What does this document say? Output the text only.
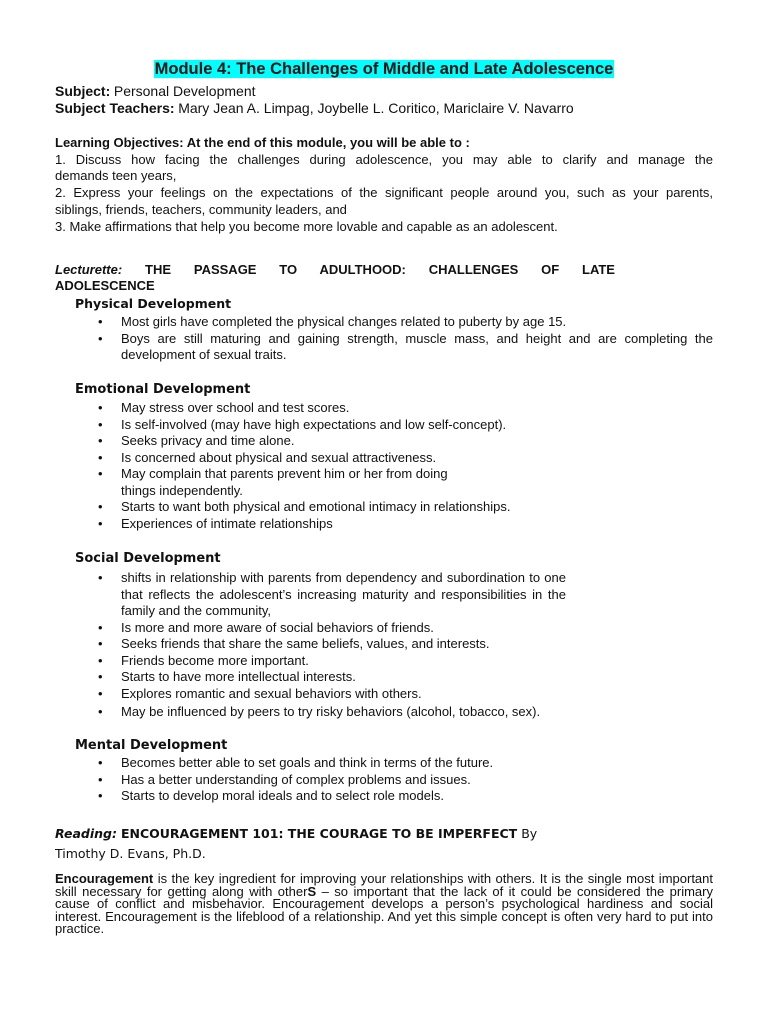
Module 4: The Challenges of Middle and Late Adolescence
Subject: Personal Development
Subject Teachers: Mary Jean A. Limpag, Joybelle L. Coritico, Mariclaire V. Navarro
Learning Objectives: At the end of this module, you will be able to :
1. Discuss how facing the challenges during adolescence, you may able to clarify and manage the
demands teen years,
2. Express your feelings on the expectations of the significant people around you, such as your parents,
siblings, friends, teachers, community leaders, and
3. Make affirmations that help you become more lovable and capable as an adolescent.
Lecturette: THE PASSAGE TO ADULTHOOD: CHALLENGES OF LATE
ADOLESCENCE
Physical Development
• Most girls have completed the physical changes related to puberty by age 15.
• Boys are still maturing and gaining strength, muscle mass, and height and are completing the development of sexual traits.
Emotional Development
• May stress over school and test scores.
• Is self-involved (may have high expectations and low self-concept).
• Seeks privacy and time alone.
• Is concerned about physical and sexual attractiveness.
• May complain that parents prevent him or her from doing things independently.
• Starts to want both physical and emotional intimacy in relationships.
• Experiences of intimate relationships
Social Development
• shifts in relationship with parents from dependency and subordination to one that reflects the adolescent’s increasing maturity and responsibilities in the family and the community,
• Is more and more aware of social behaviors of friends.
• Seeks friends that share the same beliefs, values, and interests.
• Friends become more important.
• Starts to have more intellectual interests.
• Explores romantic and sexual behaviors with others.
• May be influenced by peers to try risky behaviors (alcohol, tobacco, sex).
Mental Development
• Becomes better able to set goals and think in terms of the future.
• Has a better understanding of complex problems and issues.
• Starts to develop moral ideals and to select role models.
Reading: ENCOURAGEMENT 101: THE COURAGE TO BE IMPERFECT By
Timothy D. Evans, Ph.D.
Encouragement is the key ingredient for improving your relationships with others. It is the single most important skill necessary for getting along with otherS – so important that the lack of it could be considered the primary cause of conflict and misbehavior. Encouragement develops a person’s psychological hardiness and social interest. Encouragement is the lifeblood of a relationship. And yet this simple concept is often very hard to put into practice.
